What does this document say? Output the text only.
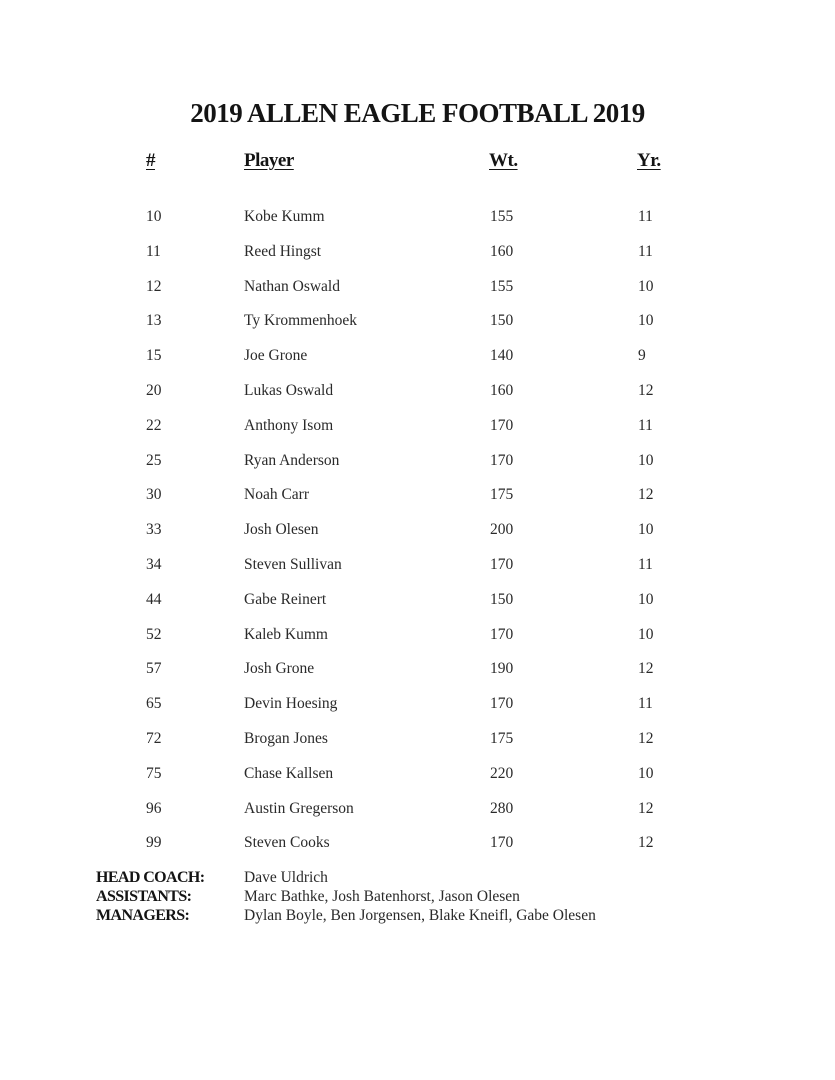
2019 ALLEN EAGLE FOOTBALL 2019
#	Player	Wt.	Yr.
10	Kobe Kumm	155	11
11	Reed Hingst	160	11
12	Nathan Oswald	155	10
13	Ty Krommenhoek	150	10
15	Joe Grone	140	9
20	Lukas Oswald	160	12
22	Anthony Isom	170	11
25	Ryan Anderson	170	10
30	Noah Carr	175	12
33	Josh Olesen	200	10
34	Steven Sullivan	170	11
44	Gabe Reinert	150	10
52	Kaleb Kumm	170	10
57	Josh Grone	190	12
65	Devin Hoesing	170	11
72	Brogan Jones	175	12
75	Chase Kallsen	220	10
96	Austin Gregerson	280	12
99	Steven Cooks	170	12
HEAD COACH:	Dave Uldrich
ASSISTANTS:	Marc Bathke, Josh Batenhorst, Jason Olesen
MANAGERS:	Dylan Boyle, Ben Jorgensen, Blake Kneifl, Gabe Olesen
